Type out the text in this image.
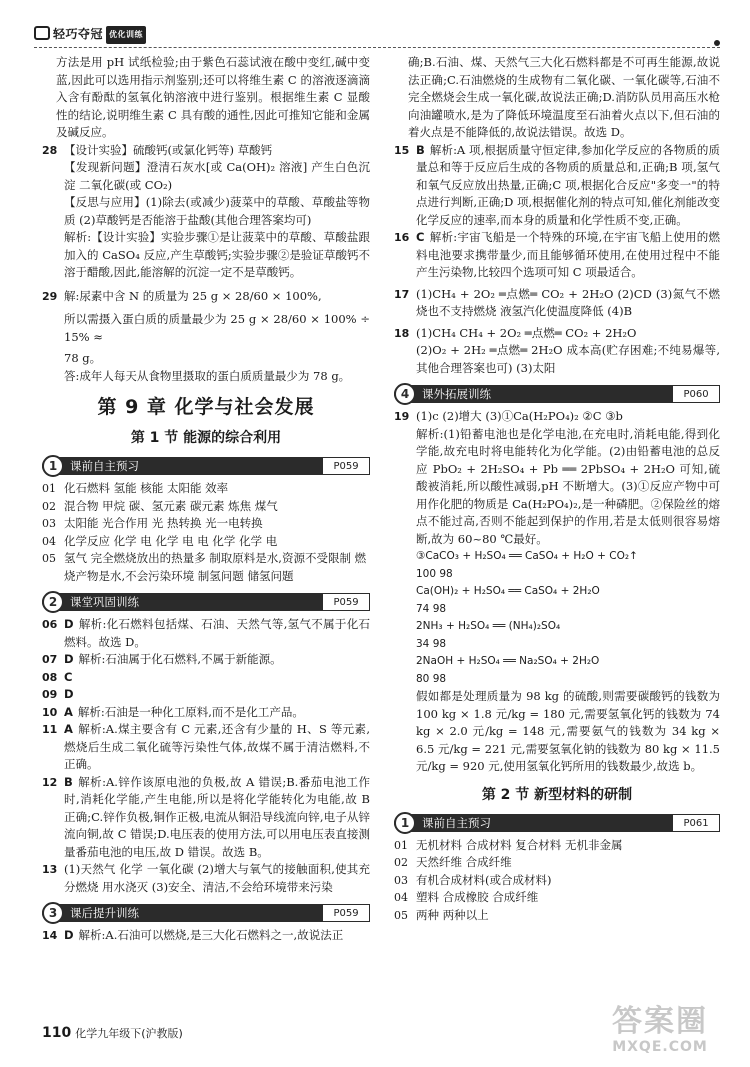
轻巧夺冠 优化训练
方法是用 pH 试纸检验;由于紫色石蕊试液在酸中变红,碱中变蓝,因此可以选用指示剂鉴别;还可以将维生素 C 的溶液逐滴滴入含有酚酞的氢氧化钠溶液中进行鉴别。根据维生素 C 显酸性的结论,说明维生素 C 具有酸的通性,因此可推知它能和金属及碱反应。
28 【设计实验】硫酸钙(或氯化钙等) 草酸钙
【发现新问题】澄清石灰水[或 Ca(OH)₂ 溶液] 产生白色沉淀 二氧化碳(或 CO₂)
【反思与应用】(1)除去(或减少)菠菜中的草酸、草酸盐等物质 (2)草酸钙是否能溶于盐酸(其他合理答案均可)
解析:【设计实验】实验步骤①是让菠菜中的草酸、草酸盐跟加入的 CaSO₄ 反应,产生草酸钙;实验步骤②是验证草酸钙不溶于醋酸,因此,能溶解的沉淀一定不是草酸钙。
29 解:尿素中含 N 的质量为 25 g × 28/60 × 100%,
所以需摄入蛋白质的质量最少为 25 g × 28/60 × 100% ÷ 15% ≈
78 g。
答:成年人每天从食物里摄取的蛋白质质量最少为 78 g。
第 9 章 化学与社会发展
第 1 节 能源的综合利用
1	课前自主预习	P059
01 化石燃料 氢能 核能 太阳能 效率
02 混合物 甲烷 碳、氢元素 碳元素 炼焦 煤气
03 太阳能 光合作用 光 热转换 光一电转换
04 化学反应 化学 电 化学 电 电 化学 化学 电
05 氢气 完全燃烧放出的热量多 制取原料是水,资源不受限制 燃烧产物是水,不会污染环境 制氢问题 储氢问题
2	课堂巩固训练	P059
06 D 解析:化石燃料包括煤、石油、天然气等,氢气不属于化石燃料。故选 D。
07 D 解析:石油属于化石燃料,不属于新能源。
08 C
09 D
10 A 解析:石油是一种化工原料,而不是化工产品。
11 A 解析:A.煤主要含有 C 元素,还含有少量的 H、S 等元素,燃烧后生成二氧化硫等污染性气体,故煤不属于清洁燃料,不正确。
12 B 解析:A.锌作该原电池的负极,故 A 错误;B.番茄电池工作时,消耗化学能,产生电能,所以是将化学能转化为电能,故 B 正确;C.锌作负极,铜作正极,电流从铜沿导线流向锌,电子从锌流向铜,故 C 错误;D.电压表的使用方法,可以用电压表直接测量番茄电池的电压,故 D 错误。故选 B。
13 (1)天然气 化学 一氧化碳 (2)增大与氧气的接触面积,使其充分燃烧 用水浇灭 (3)安全、清洁,不会给环境带来污染
3	课后提升训练	P059
14 D 解析:A.石油可以燃烧,是三大化石燃料之一,故说法正
确;B.石油、煤、天然气三大化石燃料都是不可再生能源,故说法正确;C.石油燃烧的生成物有二氧化碳、一氧化碳等,石油不完全燃烧会生成一氧化碳,故说法正确;D.消防队员用高压水枪向油罐喷水,是为了降低环境温度至石油着火点以下,但石油的着火点是不能降低的,故说法错误。故选 D。
15 B 解析:A 项,根据质量守恒定律,参加化学反应的各物质的质量总和等于反应后生成的各物质的质量总和,正确;B 项,氢气和氧气反应放出热量,正确;C 项,根据化合反应"多变一"的特点进行判断,正确;D 项,根据催化剂的特点可知,催化剂能改变化学反应的速率,而本身的质量和化学性质不变,正确。
16 C 解析:宇宙飞船是一个特殊的环境,在宇宙飞船上使用的燃料电池要求携带量少,而且能够循环使用,在使用过程中不能产生污染物,比较四个选项可知 C 项最适合。
17 (1)CH₄ + 2O₂ ═点燃═ CO₂ + 2H₂O (2)CD (3)氮气不燃烧也不支持燃烧 液氢汽化使温度降低 (4)B
18 (1)CH₄ CH₄ + 2O₂ ═点燃═ CO₂ + 2H₂O
(2)O₂ + 2H₂ ═点燃═ 2H₂O 成本高(贮存困难;不纯易爆等,其他合理答案也可) (3)太阳
4	课外拓展训练	P060
19 (1)c (2)增大 (3)①Ca(H₂PO₄)₂ ②C ③b
解析:(1)铅蓄电池也是化学电池,在充电时,消耗电能,得到化学能,故充电时将电能转化为化学能。(2)由铅蓄电池的总反应 PbO₂ + 2H₂SO₄ + Pb ══ 2PbSO₄ + 2H₂O 可知,硫酸被消耗,所以酸性减弱,pH 不断增大。(3)①反应产物中可用作化肥的物质是 Ca(H₂PO₄)₂,是一种磷肥。②保险丝的熔点不能过高,否则不能起到保护的作用,若是太低则很容易熔断,故为 60~80 ℃最好。
③CaCO₃ + H₂SO₄ ══ CaSO₄ + H₂O + CO₂↑
100 98
Ca(OH)₂ + H₂SO₄ ══ CaSO₄ + 2H₂O
74 98
2NH₃ + H₂SO₄ ══ (NH₄)₂SO₄
34 98
2NaOH + H₂SO₄ ══ Na₂SO₄ + 2H₂O
80 98
假如都是处理质量为 98 kg 的硫酸,则需要碳酸钙的钱数为 100 kg × 1.8 元/kg = 180 元,需要氢氧化钙的钱数为 74 kg × 2.0 元/kg = 148 元,需要氨气的钱数为 34 kg × 6.5 元/kg = 221 元,需要氢氧化钠的钱数为 80 kg × 11.5 元/kg = 920 元,使用氢氧化钙所用的钱数最少,故选 b。
第 2 节 新型材料的研制
1	课前自主预习	P061
01 无机材料 合成材料 复合材料 无机非金属
02 天然纤维 合成纤维
03 有机合成材料(或合成材料)
04 塑料 合成橡胶 合成纤维
05 两种 两种以上
110 化学九年级下(沪教版)	答案圈
MXQE.COM
